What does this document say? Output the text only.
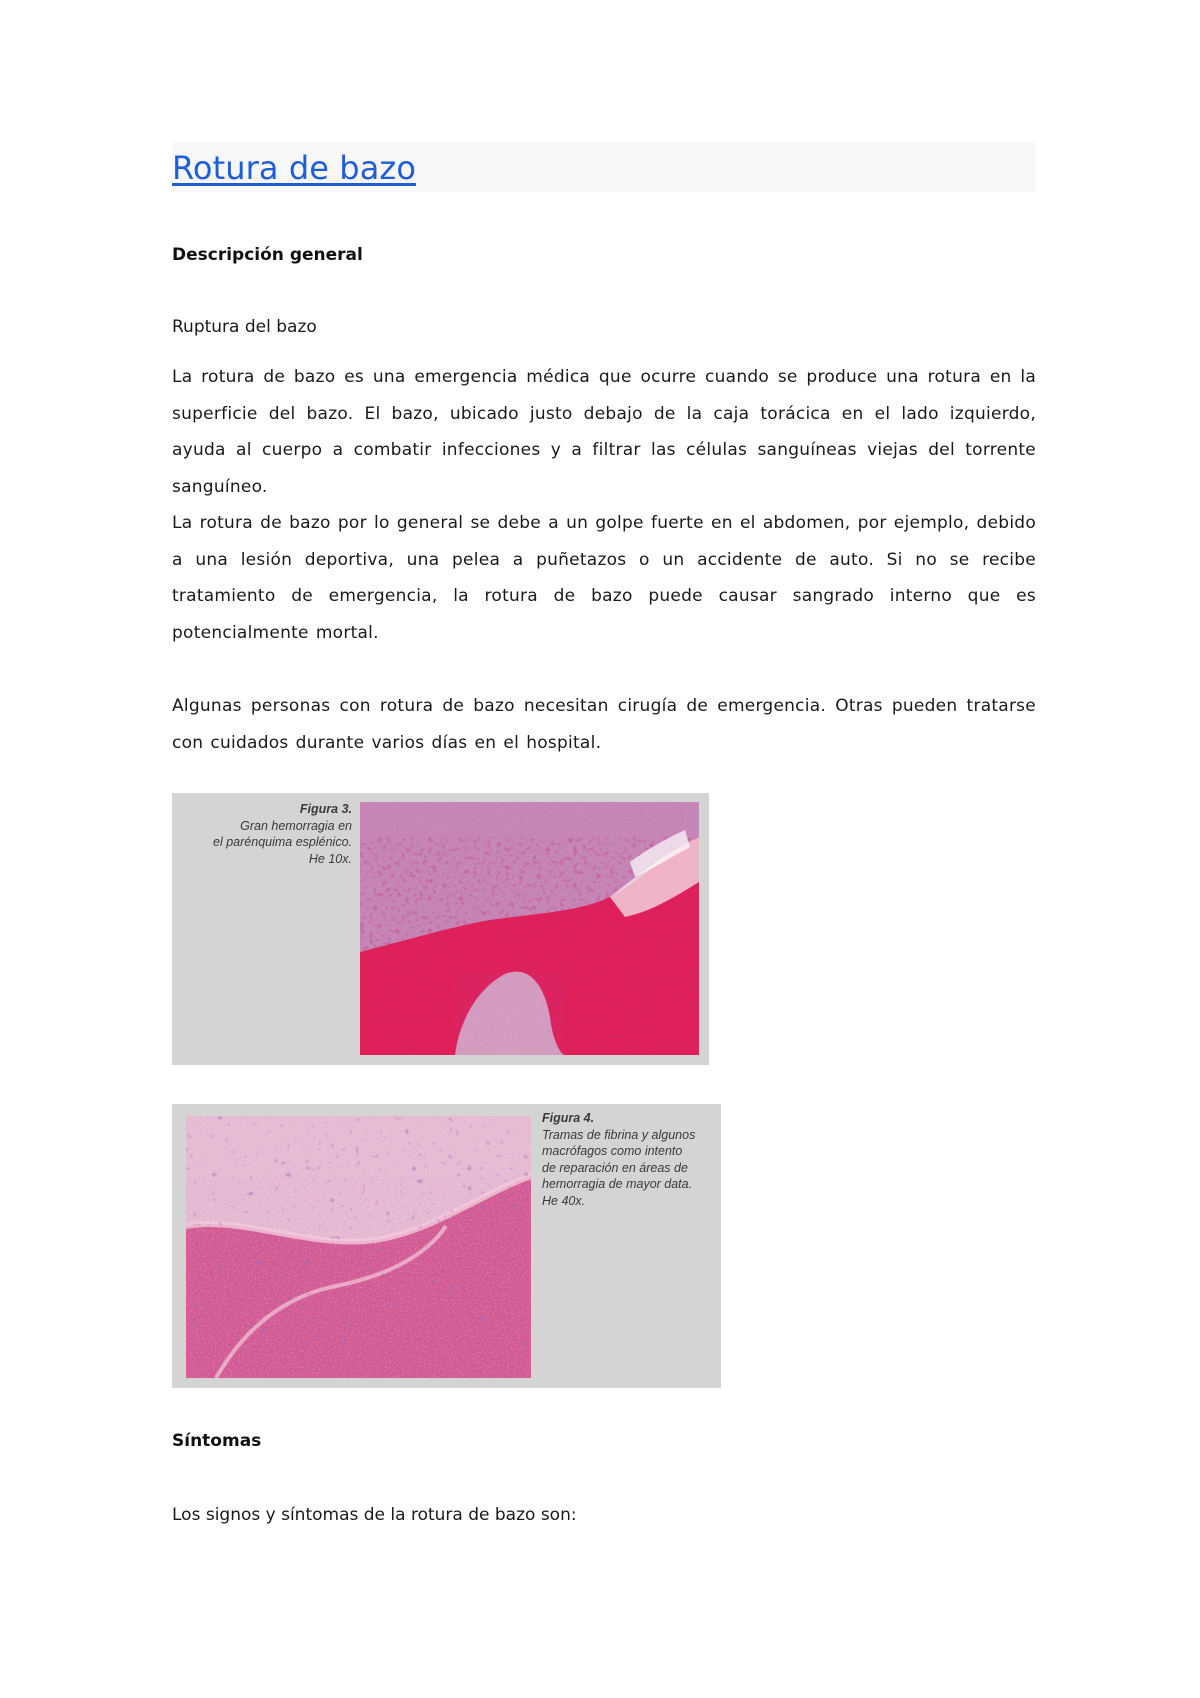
Rotura de bazo

Descripción general

Ruptura del bazo

La rotura de bazo es una emergencia médica que ocurre cuando se produce una rotura en la superficie del bazo. El bazo, ubicado justo debajo de la caja torácica en el lado izquierdo, ayuda al cuerpo a combatir infecciones y a filtrar las células sanguíneas viejas del torrente sanguíneo.

La rotura de bazo por lo general se debe a un golpe fuerte en el abdomen, por ejemplo, debido a una lesión deportiva, una pelea a puñetazos o un accidente de auto. Si no se recibe tratamiento de emergencia, la rotura de bazo puede causar sangrado interno que es potencialmente mortal.

Algunas personas con rotura de bazo necesitan cirugía de emergencia. Otras pueden tratarse con cuidados durante varios días en el hospital.

Figura 3.
Gran hemorragia en
el parénquima esplénico.
He 10x.
Figura 4.
Tramas de fibrina y algunos
macrófagos como intento
de reparación en áreas de
hemorragia de mayor data.
He 40x.

Síntomas

Los signos y síntomas de la rotura de bazo son:
